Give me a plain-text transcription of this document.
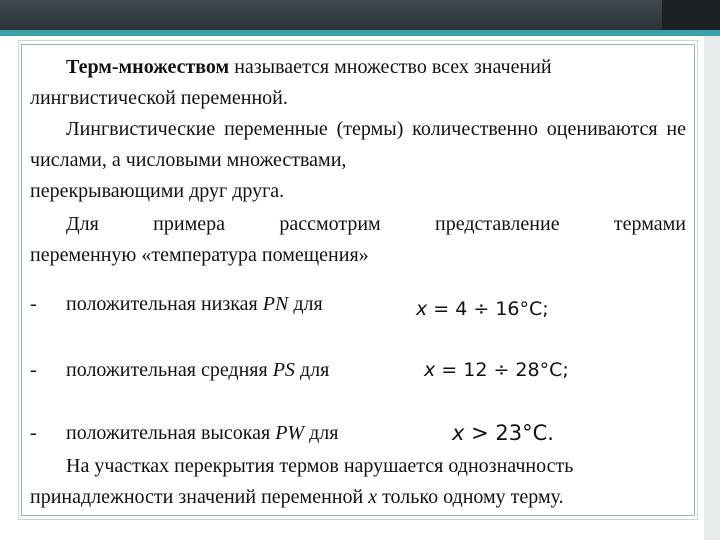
Терм-множеством называется множество всех значений
лингвистической переменной.

Лингвистические переменные (термы) количественно оцениваются не числами, а числовыми множествами,
перекрывающими друг друга.

Для примера рассмотрим представление термами
переменную «температура помещения»

- положительная низкая PN для	x = 4 ÷ 16°С;
- положительная средняя PS для	x = 12 ÷ 28°С;
- положительная высокая PW для	x > 23°С.

На участках перекрытия термов нарушается однозначность
принадлежности значений переменной x только одному терму.
